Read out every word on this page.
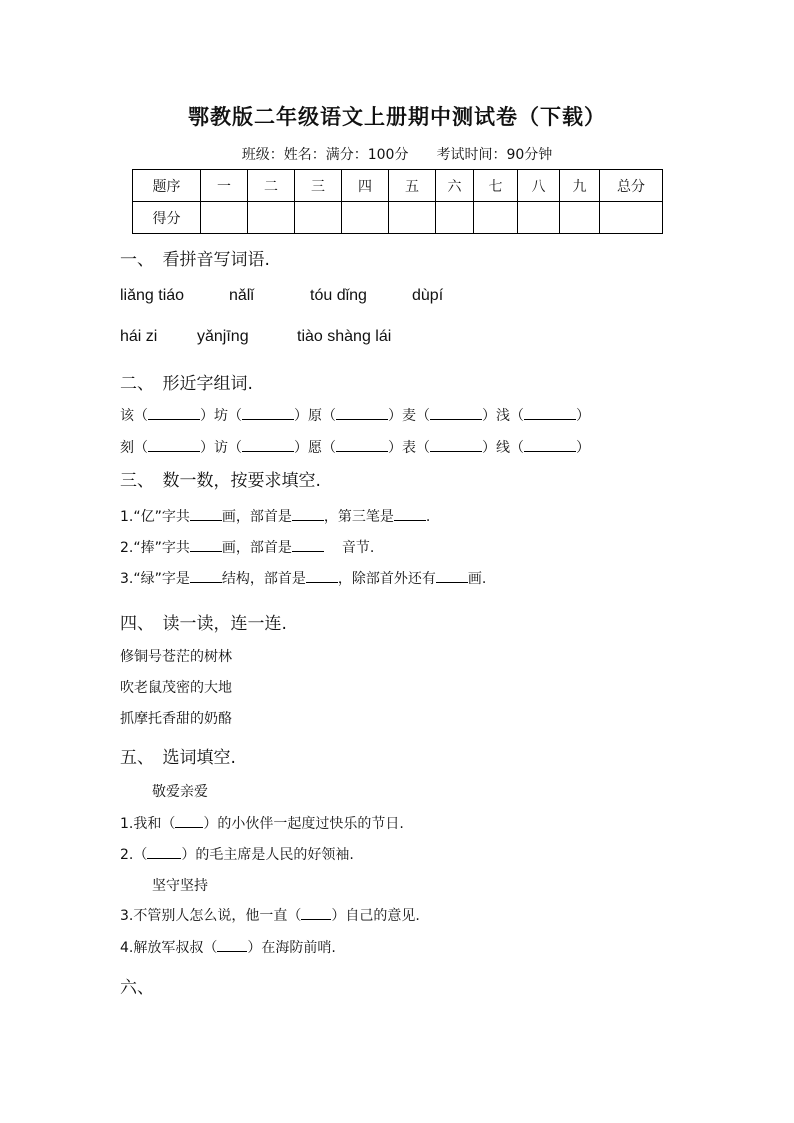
鄂教版二年级语文上册期中测试卷（下载）
班级：姓名：满分：100分　　考试时间：90分钟
题序	一	二	三	四	五	六	七	八	九	总分
得分										
一、　看拼音写词语.
liǎng tiáo	nǎlǐ	tóu dǐng	dùpí
hái zi yǎnjīng	tiào shàng lái
二、　形近字组词.
该（	）坊（	）原（	）麦（	）浅（	）
刻（	）访（	）愿（	）表（	）线（	）
三、　数一数，按要求填空.
1.“亿”字共 画，部首是 ，第三笔是 .
2.“捧”字共 画，部首是	音节.
3.“绿”字是 结构，部首是 ，除部首外还有 画.
四、　读一读，连一连.
修铜号苍茫的树林
吹老鼠茂密的大地
抓摩托香甜的奶酪
五、　选词填空.
敬爱亲爱
1.我和（ ）的小伙伴一起度过快乐的节日.
2.（ ）的毛主席是人民的好领袖.
坚守坚持
3.不管别人怎么说，他一直（ ）自己的意见.
4.解放军叔叔（ ）在海防前哨.
六、
